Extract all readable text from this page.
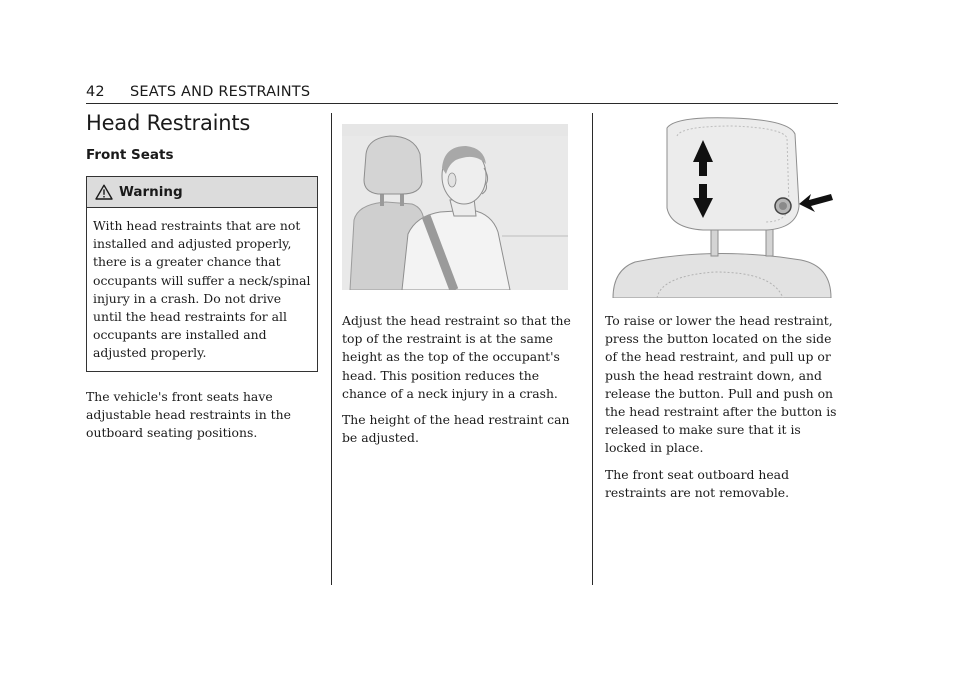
42 SEATS AND RESTRAINTS
Head Restraints
Front Seats
Warning
With head restraints that are not installed and adjusted properly, there is a greater chance that occupants will suffer a neck/spinal injury in a crash. Do not drive until the head restraints for all occupants are installed and adjusted properly.

The vehicle's front seats have adjustable head restraints in the outboard seating positions.

Adjust the head restraint so that the top of the restraint is at the same height as the top of the occupant's head. This position reduces the chance of a neck injury in a crash.

The height of the head restraint can be adjusted.

To raise or lower the head restraint, press the button located on the side of the head restraint, and pull up or push the head restraint down, and release the button. Pull and push on the head restraint after the button is released to make sure that it is locked in place.

The front seat outboard head restraints are not removable.
